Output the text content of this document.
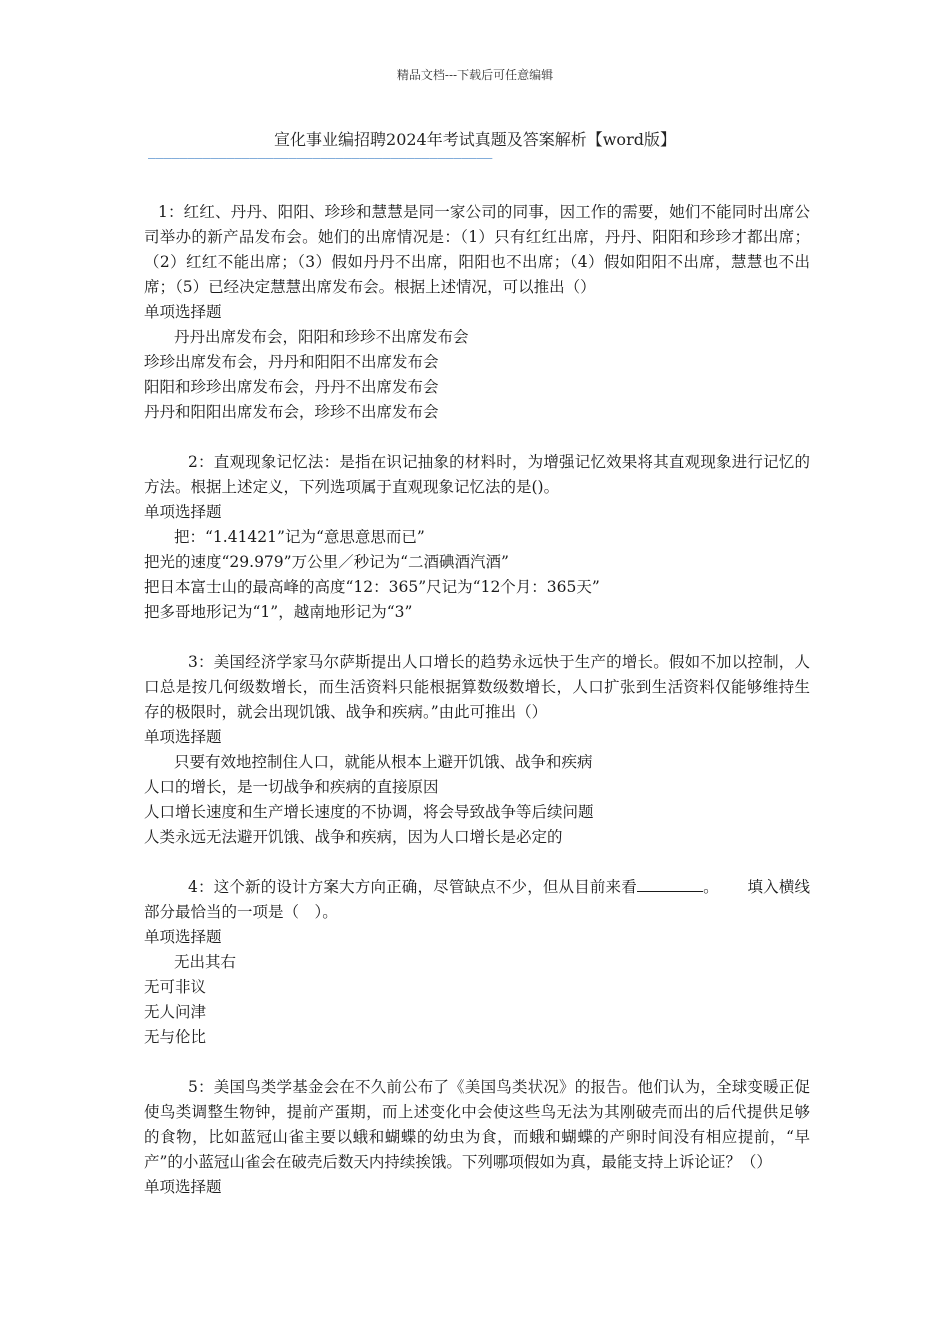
精品文档---下载后可任意编辑
宣化事业编招聘2024年考试真题及答案解析【word版】
————————————————————————————————————————————

1：红红、丹丹、阳阳、珍珍和慧慧是同一家公司的同事，因工作的需要，她们不能同时出席公司举办的新产品发布会。她们的出席情况是：（1）只有红红出席，丹丹、阳阳和珍珍才都出席；（2）红红不能出席；（3）假如丹丹不出席，阳阳也不出席；（4）假如阳阳不出席，慧慧也不出席；（5）已经决定慧慧出席发布会。根据上述情况，可以推出（）

单项选择题

丹丹出席发布会，阳阳和珍珍不出席发布会

珍珍出席发布会，丹丹和阳阳不出席发布会

阳阳和珍珍出席发布会，丹丹不出席发布会

丹丹和阳阳出席发布会，珍珍不出席发布会

2：直观现象记忆法：是指在识记抽象的材料时，为增强记忆效果将其直观现象进行记忆的方法。根据上述定义，下列选项属于直观现象记忆法的是()。

单项选择题

把：“1.41421”记为“意思意思而已”

把光的速度“29.979”万公里／秒记为“二酒碘酒汽酒”

把日本富士山的最高峰的高度“12：365”尺记为“12个月：365天”

把多哥地形记为“1”，越南地形记为“3”

3：美国经济学家马尔萨斯提出人口增长的趋势永远快于生产的增长。假如不加以控制，人口总是按几何级数增长，而生活资料只能根据算数级数增长，人口扩张到生活资料仅能够维持生存的极限时，就会出现饥饿、战争和疾病。”由此可推出（）

单项选择题

只要有效地控制住人口，就能从根本上避开饥饿、战争和疾病

人口的增长，是一切战争和疾病的直接原因

人口增长速度和生产增长速度的不协调，将会导致战争等后续问题

人类永远无法避开饥饿、战争和疾病，因为人口增长是必定的

4：这个新的设计方案大方向正确，尽管缺点不少，但从目前来看	。　　 填入横线部分最恰当的一项是（　）。

单项选择题

无出其右

无可非议

无人问津

无与伦比

5：美国鸟类学基金会在不久前公布了《美国鸟类状况》的报告。他们认为，全球变暖正促使鸟类调整生物钟，提前产蛋期，而上述变化中会使这些鸟无法为其刚破壳而出的后代提供足够的食物，比如蓝冠山雀主要以蛾和蝴蝶的幼虫为食，而蛾和蝴蝶的产卵时间没有相应提前，“早产”的小蓝冠山雀会在破壳后数天内持续挨饿。下列哪项假如为真，最能支持上诉论证？（）

单项选择题
